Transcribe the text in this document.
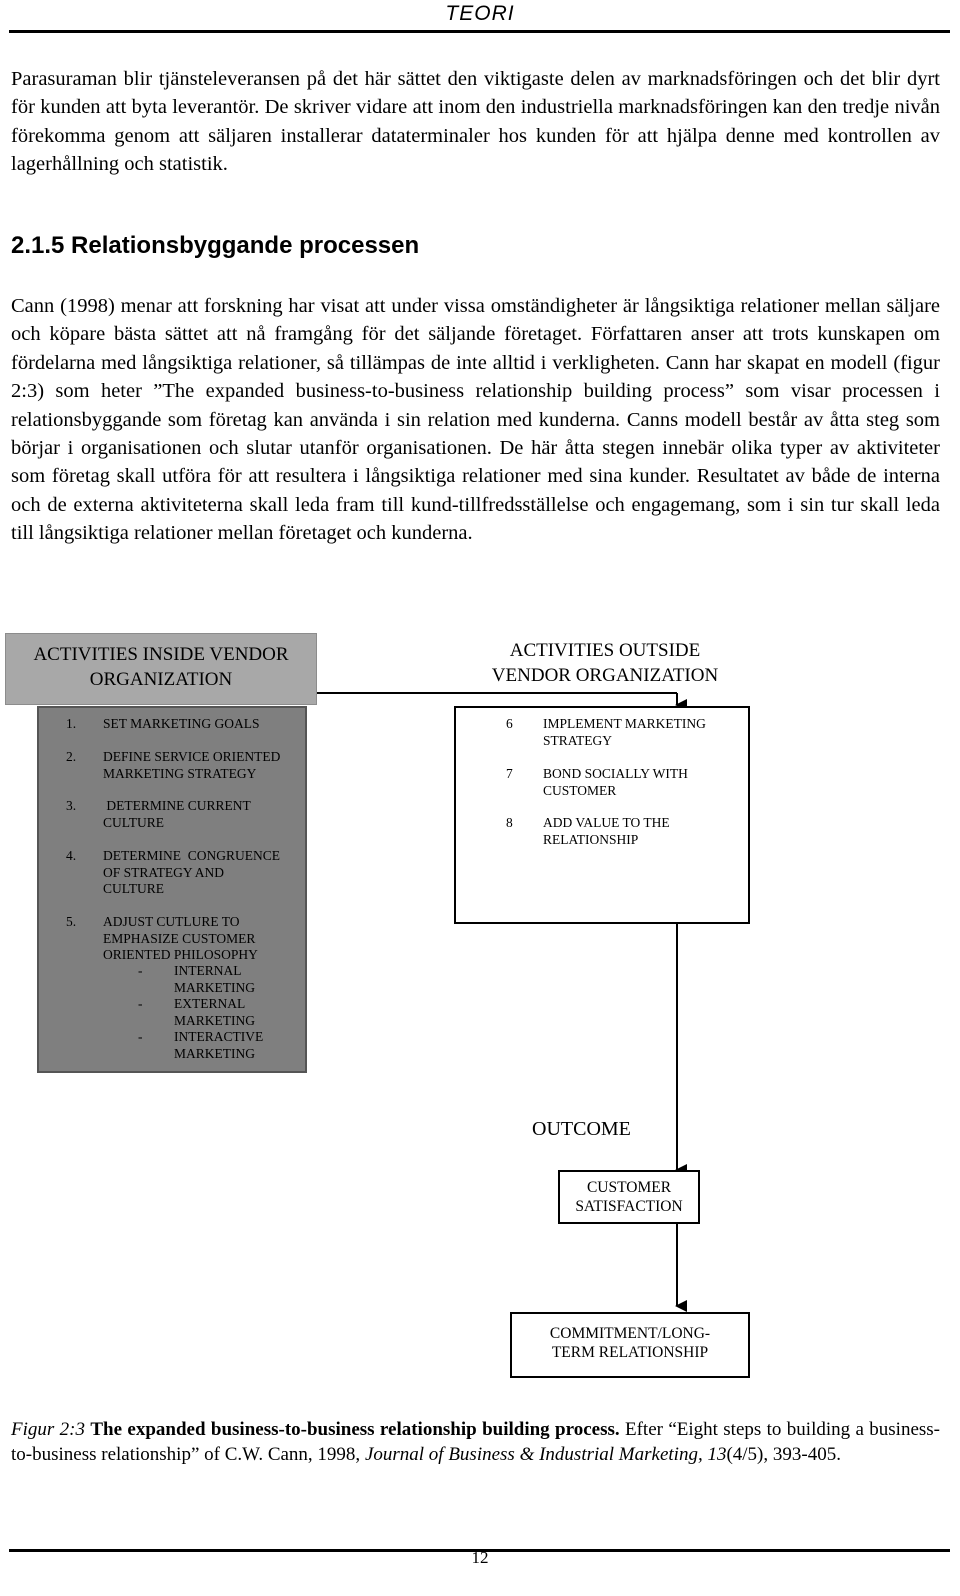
TEORI

Parasuraman blir tjänsteleveransen på det här sättet den viktigaste delen av marknadsföringen och det blir dyrt för kunden att byta leverantör. De skriver vidare att inom den industriella marknadsföringen kan den tredje nivån förekomma genom att säljaren installerar dataterminaler hos kunden för att hjälpa denne med kontrollen av lagerhållning och statistik.

2.1.5 Relationsbyggande processen

Cann (1998) menar att forskning har visat att under vissa omständigheter är långsiktiga relationer mellan säljare och köpare bästa sättet att nå framgång för det säljande företaget. Författaren anser att trots kunskapen om fördelarna med långsiktiga relationer, så tillämpas de inte alltid i verkligheten. Cann har skapat en modell (figur 2:3) som heter ”The expanded business-to-business relationship building process” som visar processen i relationsbyggande som företag kan använda i sin relation med kunderna. Canns modell består av åtta steg som börjar i organisationen och slutar utanför organisationen. De här åtta stegen innebär olika typer av aktiviteter som företag skall utföra för att resultera i långsiktiga relationer med sina kunder. Resultatet av både de interna och de externa aktiviteterna skall leda fram till kund-tillfredsställelse och engagemang, som i sin tur skall leda till långsiktiga relationer mellan företaget och kunderna.

ACTIVITIES INSIDE VENDOR
ORGANIZATION
ACTIVITIES OUTSIDE
VENDOR ORGANIZATION
1. SET MARKETING GOALS
2. DEFINE SERVICE ORIENTED
MARKETING STRATEGY
3. DETERMINE CURRENT
CULTURE
4. DETERMINE  CONGRUENCE
OF STRATEGY AND
CULTURE
5. ADJUST CUTLURE TO
EMPHASIZE CUSTOMER
ORIENTED PHILOSOPHY
- INTERNAL
MARKETING
- EXTERNAL
MARKETING
- INTERACTIVE
MARKETING
6 IMPLEMENT MARKETING
STRATEGY
7 BOND SOCIALLY WITH
CUSTOMER
8 ADD VALUE TO THE
RELATIONSHIP
OUTCOME
CUSTOMER
SATISFACTION
COMMITMENT/LONG-
TERM RELATIONSHIP

Figur 2:3 The expanded business-to-business relationship building process. Efter “Eight steps to building a business-to-business relationship” of C.W. Cann, 1998, Journal of Business & Industrial Marketing, 13(4/5), 393-405.

12
